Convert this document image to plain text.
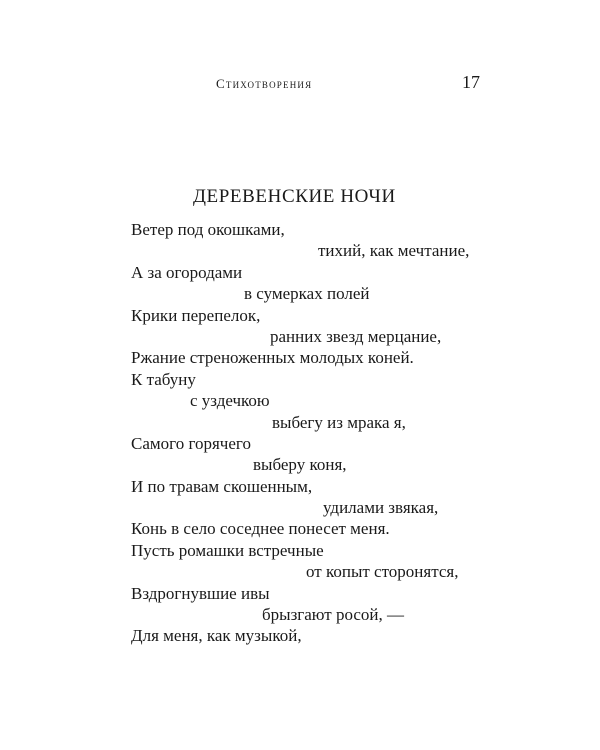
Стихотворения	17
ДЕРЕВЕНСКИЕ НОЧИ
Ветер под окошками,
тихий, как мечтание,
А за огородами
в сумерках полей
Крики перепелок,
ранних звезд мерцание,
Ржание стреноженных молодых коней.
К табуну
с уздечкою
выбегу из мрака я,
Самого горячего
выберу коня,
И по травам скошенным,
удилами звякая,
Конь в село соседнее понесет меня.
Пусть ромашки встречные
от копыт сторонятся,
Вздрогнувшие ивы
брызгают росой, —
Для меня, как музыкой,
